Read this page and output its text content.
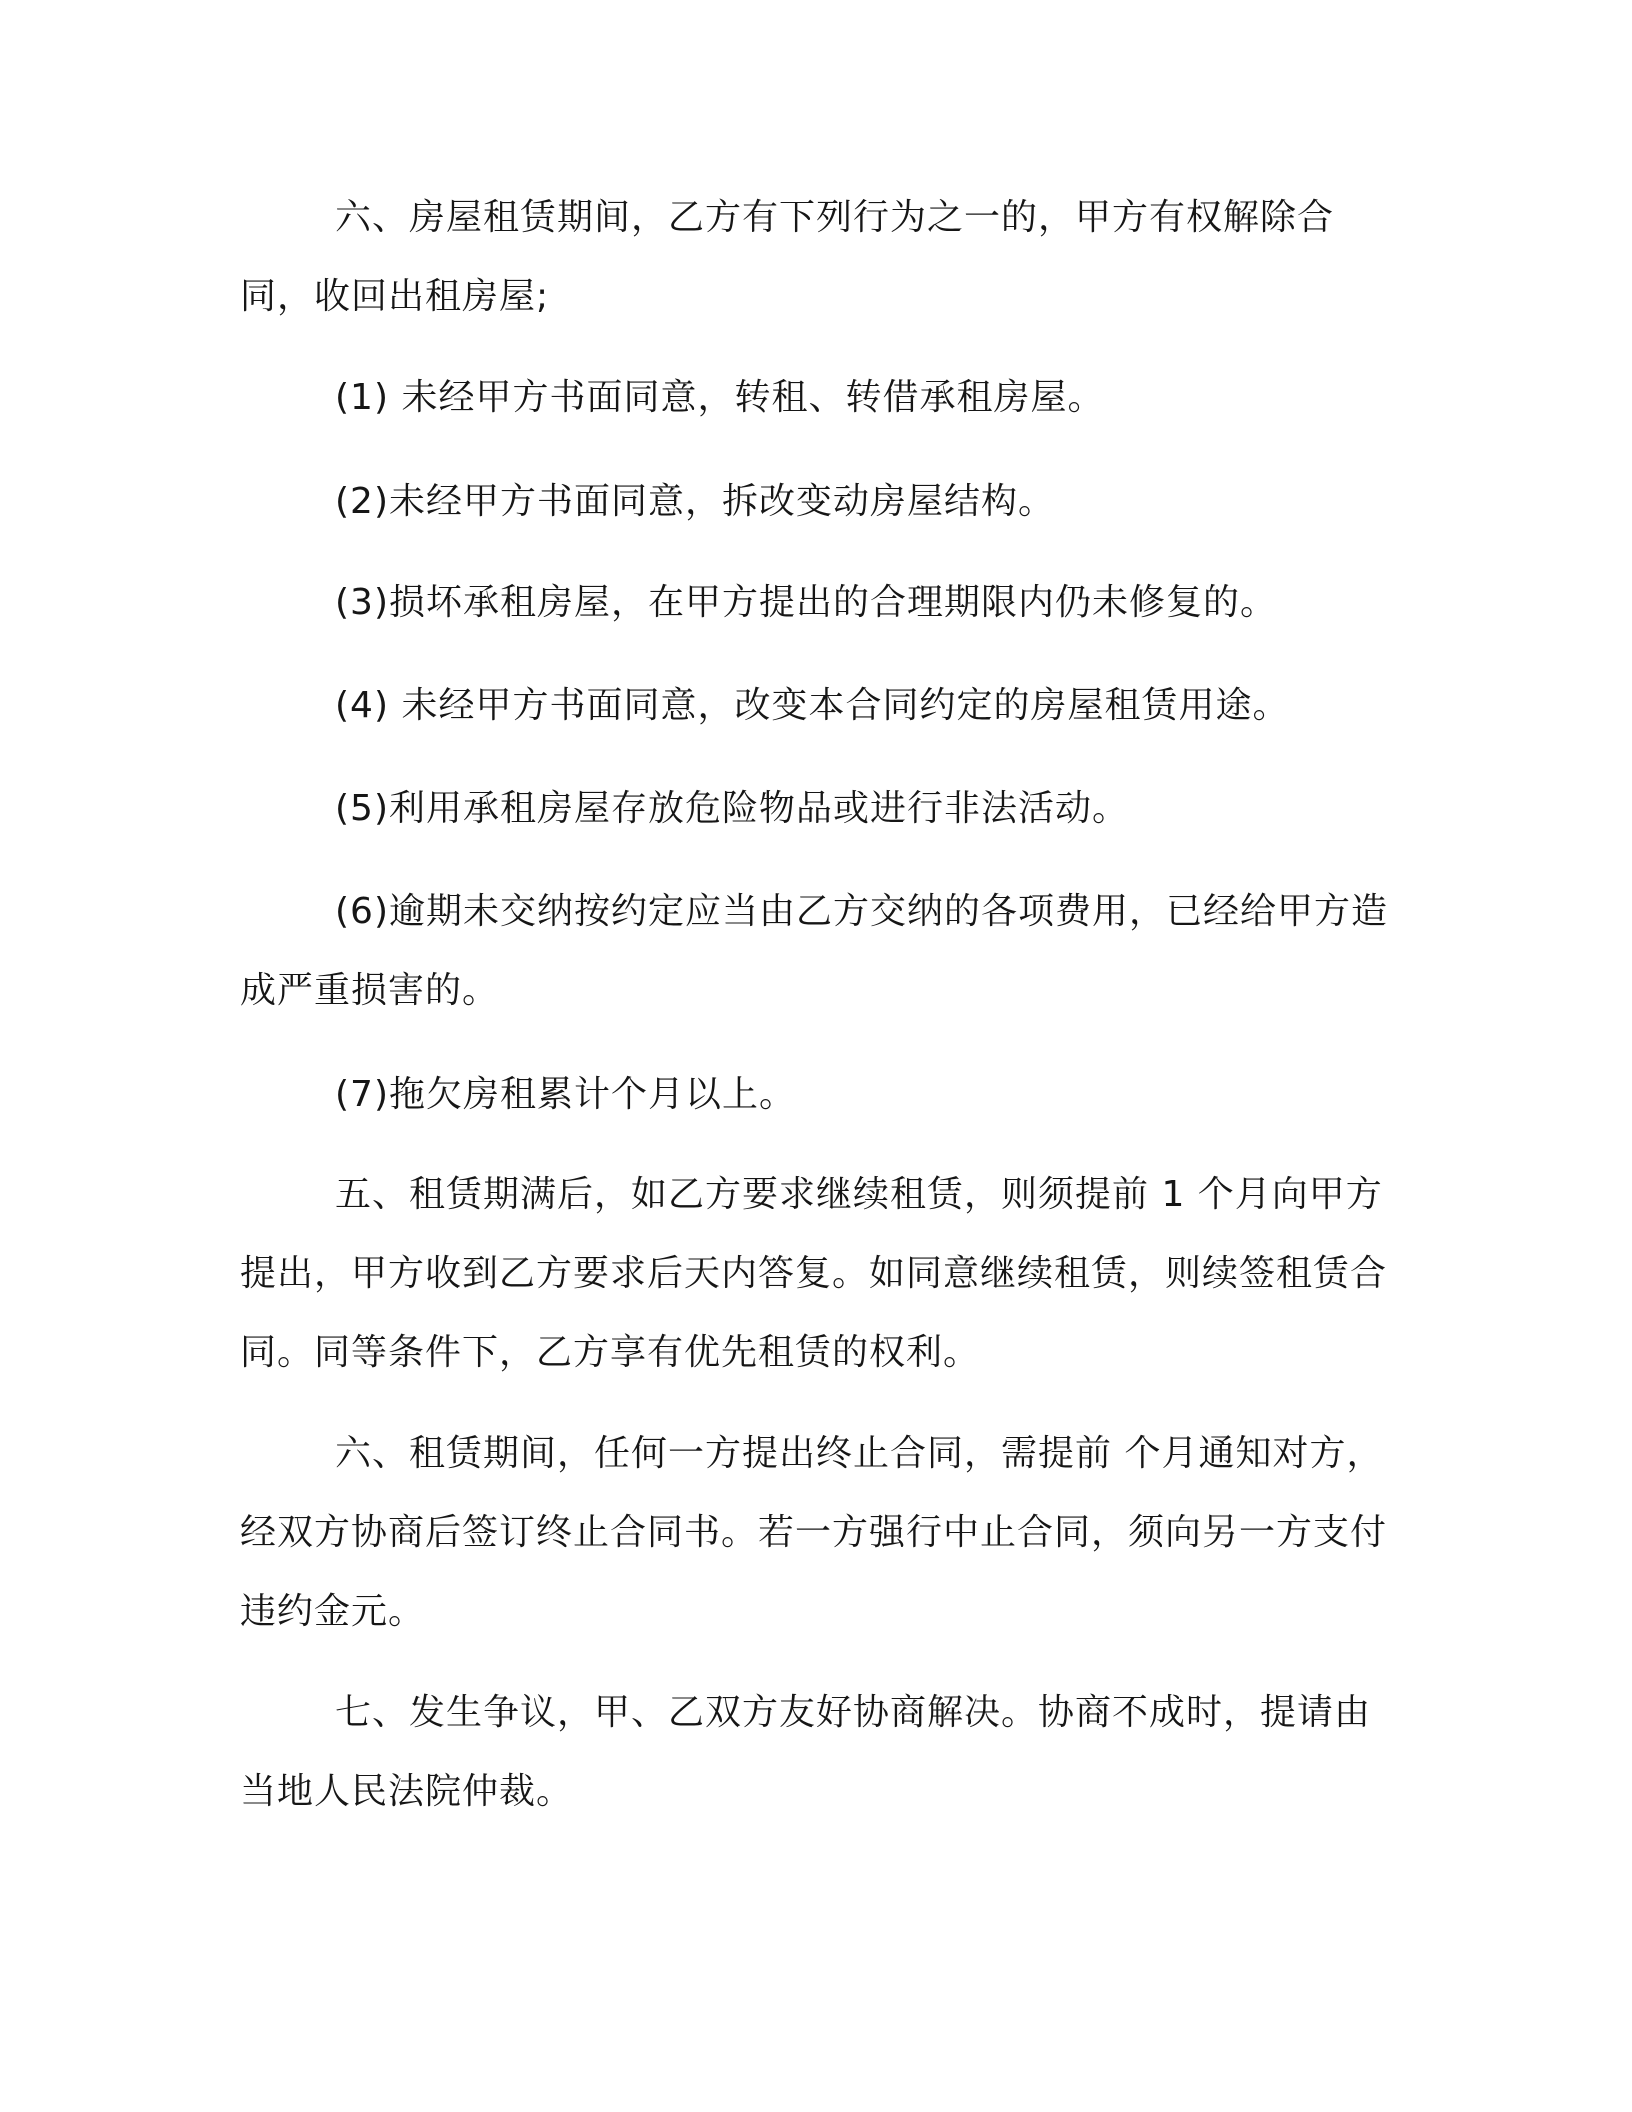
六、房屋租赁期间，乙方有下列行为之一的，甲方有权解除合同，收回出租房屋;

(1) 未经甲方书面同意，转租、转借承租房屋。

(2)未经甲方书面同意，拆改变动房屋结构。

(3)损坏承租房屋，在甲方提出的合理期限内仍未修复的。

(4) 未经甲方书面同意，改变本合同约定的房屋租赁用途。

(5)利用承租房屋存放危险物品或进行非法活动。

(6)逾期未交纳按约定应当由乙方交纳的各项费用，已经给甲方造成严重损害的。

(7)拖欠房租累计个月以上。

五、租赁期满后，如乙方要求继续租赁，则须提前 1 个月向甲方提出，甲方收到乙方要求后天内答复。如同意继续租赁，则续签租赁合同。同等条件下，乙方享有优先租赁的权利。

六、租赁期间，任何一方提出终止合同，需提前 个月通知对方，经双方协商后签订终止合同书。若一方强行中止合同，须向另一方支付违约金元。

七、发生争议，甲、乙双方友好协商解决。协商不成时，提请由当地人民法院仲裁。
